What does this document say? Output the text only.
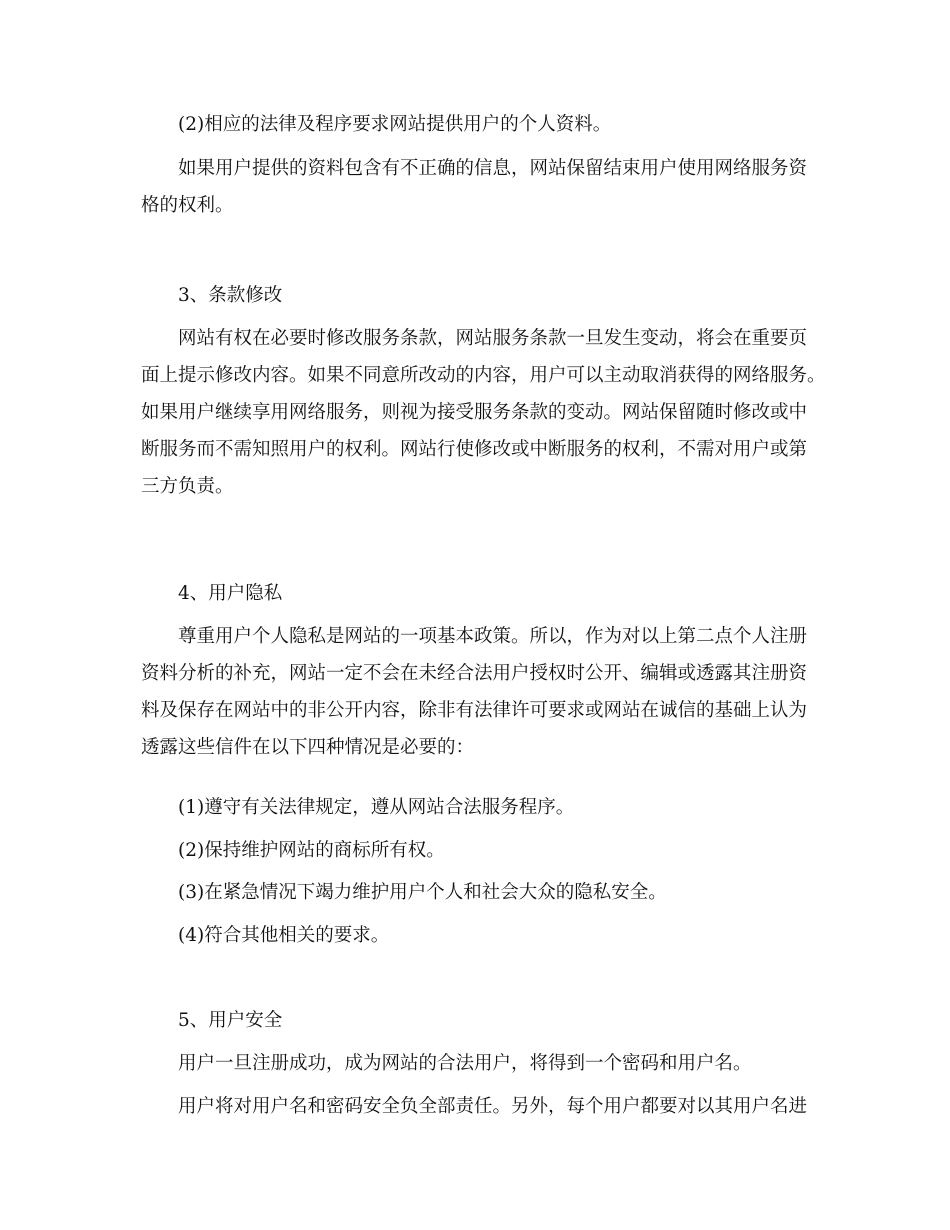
(2)相应的法律及程序要求网站提供用户的个人资料。
如果用户提供的资料包含有不正确的信息，网站保留结束用户使用网络服务资
格的权利。
3、条款修改
网站有权在必要时修改服务条款，网站服务条款一旦发生变动，将会在重要页
面上提示修改内容。如果不同意所改动的内容，用户可以主动取消获得的网络服务。
如果用户继续享用网络服务，则视为接受服务条款的变动。网站保留随时修改或中
断服务而不需知照用户的权利。网站行使修改或中断服务的权利，不需对用户或第
三方负责。
4、用户隐私
尊重用户个人隐私是网站的一项基本政策。所以，作为对以上第二点个人注册
资料分析的补充，网站一定不会在未经合法用户授权时公开、编辑或透露其注册资
料及保存在网站中的非公开内容，除非有法律许可要求或网站在诚信的基础上认为
透露这些信件在以下四种情况是必要的：
(1)遵守有关法律规定，遵从网站合法服务程序。
(2)保持维护网站的商标所有权。
(3)在紧急情况下竭力维护用户个人和社会大众的隐私安全。
(4)符合其他相关的要求。
5、用户安全
用户一旦注册成功，成为网站的合法用户，将得到一个密码和用户名。
用户将对用户名和密码安全负全部责任。另外，每个用户都要对以其用户名进
